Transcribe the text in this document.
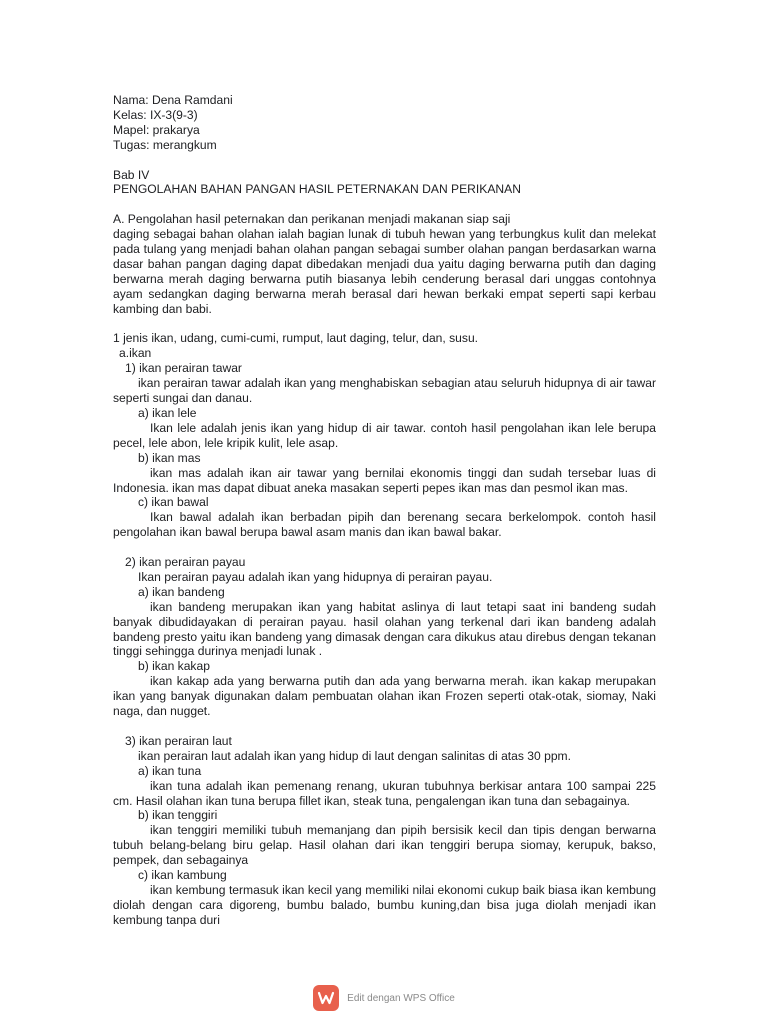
Nama: Dena Ramdani

Kelas: IX-3(9-3)

Mapel: prakarya

Tugas: merangkum

Bab IV

PENGOLAHAN BAHAN PANGAN HASIL PETERNAKAN DAN PERIKANAN

A. Pengolahan hasil peternakan dan perikanan menjadi makanan siap saji

daging sebagai bahan olahan ialah bagian lunak di tubuh hewan yang terbungkus kulit dan melekat pada tulang yang menjadi bahan olahan pangan sebagai sumber olahan pangan berdasarkan warna dasar bahan pangan daging dapat dibedakan menjadi dua yaitu daging berwarna putih dan daging berwarna merah daging berwarna putih biasanya lebih cenderung berasal dari unggas contohnya ayam sedangkan daging berwarna merah berasal dari hewan berkaki empat seperti sapi kerbau kambing dan babi.

1 jenis ikan, udang, cumi-cumi, rumput, laut daging, telur, dan, susu.

a.ikan

1) ikan perairan tawar

ikan perairan tawar adalah ikan yang menghabiskan sebagian atau seluruh hidupnya di air tawar seperti sungai dan danau.

a) ikan lele

Ikan lele adalah jenis ikan yang hidup di air tawar. contoh hasil pengolahan ikan lele berupa pecel, lele abon, lele kripik kulit, lele asap.

b) ikan mas

ikan mas adalah ikan air tawar yang bernilai ekonomis tinggi dan sudah tersebar luas di Indonesia. ikan mas dapat dibuat aneka masakan seperti pepes ikan mas dan pesmol ikan mas.

c) ikan bawal

Ikan bawal adalah ikan berbadan pipih dan berenang secara berkelompok. contoh hasil pengolahan ikan bawal berupa bawal asam manis dan ikan bawal bakar.

2) ikan perairan payau

Ikan perairan payau adalah ikan yang hidupnya di perairan payau.

a) ikan bandeng

ikan bandeng merupakan ikan yang habitat aslinya di laut tetapi saat ini bandeng sudah banyak dibudidayakan di perairan payau. hasil olahan yang terkenal dari ikan bandeng adalah bandeng presto yaitu ikan bandeng yang dimasak dengan cara dikukus atau direbus dengan tekanan tinggi sehingga durinya menjadi lunak .

b) ikan kakap

ikan kakap ada yang berwarna putih dan ada yang berwarna merah. ikan kakap merupakan ikan yang banyak digunakan dalam pembuatan olahan ikan Frozen seperti otak-otak, siomay, Naki naga, dan nugget.

3) ikan perairan laut

ikan perairan laut adalah ikan yang hidup di laut dengan salinitas di atas 30 ppm.

a) ikan tuna

ikan tuna adalah ikan pemenang renang, ukuran tubuhnya berkisar antara 100 sampai 225 cm. Hasil olahan ikan tuna berupa fillet ikan, steak tuna, pengalengan ikan tuna dan sebagainya.

b) ikan tenggiri

ikan tenggiri memiliki tubuh memanjang dan pipih bersisik kecil dan tipis dengan berwarna tubuh belang-belang biru gelap. Hasil olahan dari ikan tenggiri berupa siomay, kerupuk, bakso, pempek, dan sebagainya

c) ikan kambung

ikan kembung termasuk ikan kecil yang memiliki nilai ekonomi cukup baik biasa ikan kembung diolah dengan cara digoreng, bumbu balado, bumbu kuning,dan bisa juga diolah menjadi ikan kembung tanpa duri

Edit dengan WPS Office
